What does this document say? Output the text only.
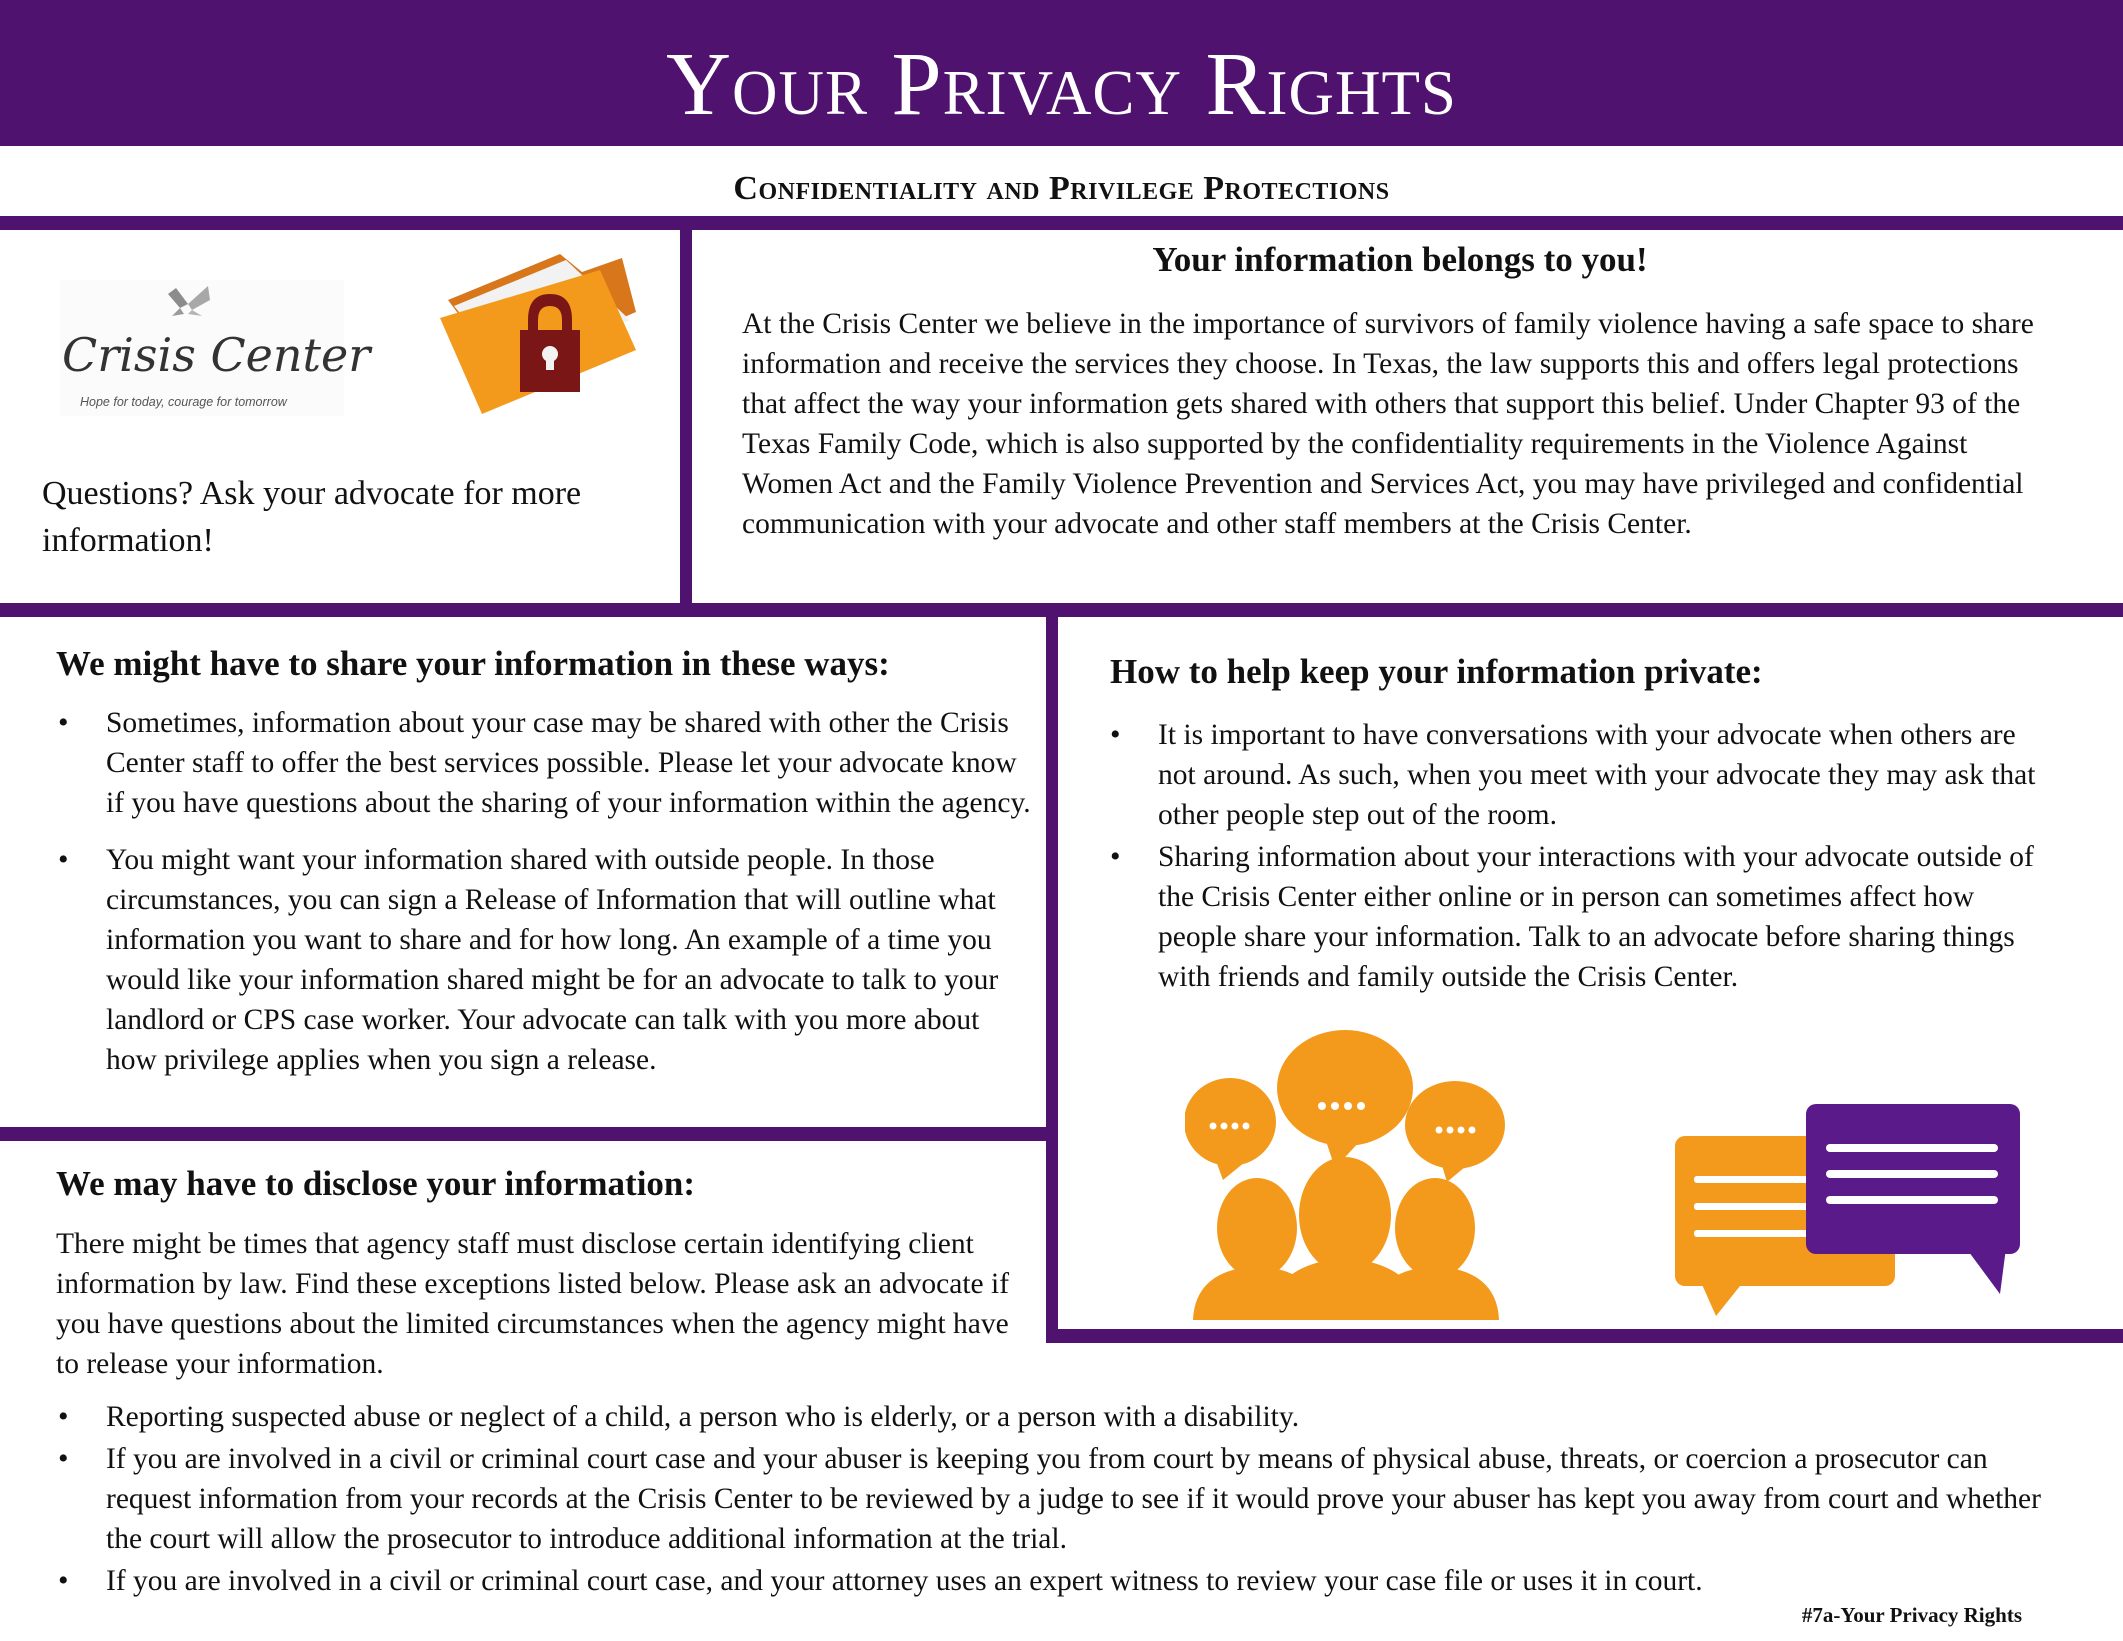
Your Privacy Rights
Confidentiality and Privilege Protections
Crisis Center
Hope for today, courage for tomorrow
Questions? Ask your advocate for more information!
Your information belongs to you!
At the Crisis Center we believe in the importance of survivors of family violence having a safe space to share information and receive the services they choose. In Texas, the law supports this and offers legal protections that affect the way your information gets shared with others that support this belief. Under Chapter 93 of the Texas Family Code, which is also supported by the confidentiality requirements in the Violence Against Women Act and the Family Violence Prevention and Services Act, you may have privileged and confidential communication with your advocate and other staff members at the Crisis Center.
We might have to share your information in these ways:
• Sometimes, information about your case may be shared with other the Crisis Center staff to offer the best services possible. Please let your advocate know if you have questions about the sharing of your information within the agency.
• You might want your information shared with outside people. In those circumstances, you can sign a Release of Information that will outline what information you want to share and for how long. An example of a time you would like your information shared might be for an advocate to talk to your landlord or CPS case worker. Your advocate can talk with you more about how privilege applies when you sign a release.
How to help keep your information private:
• It is important to have conversations with your advocate when others are not around. As such, when you meet with your advocate they may ask that other people step out of the room.
• Sharing information about your interactions with your advocate outside of the Crisis Center either online or in person can sometimes affect how people share your information. Talk to an advocate before sharing things with friends and family outside the Crisis Center.
We may have to disclose your information:
There might be times that agency staff must disclose certain identifying client information by law. Find these exceptions listed below. Please ask an advocate if you have questions about the limited circumstances when the agency might have to release your information.
• Reporting suspected abuse or neglect of a child, a person who is elderly, or a person with a disability.
• If you are involved in a civil or criminal court case and your abuser is keeping you from court by means of physical abuse, threats, or coercion a prosecutor can request information from your records at the Crisis Center to be reviewed by a judge to see if it would prove your abuser has kept you away from court and whether the court will allow the prosecutor to introduce additional information at the trial.
• If you are involved in a civil or criminal court case, and your attorney uses an expert witness to review your case file or uses it in court.
#7a-Your Privacy Rights
